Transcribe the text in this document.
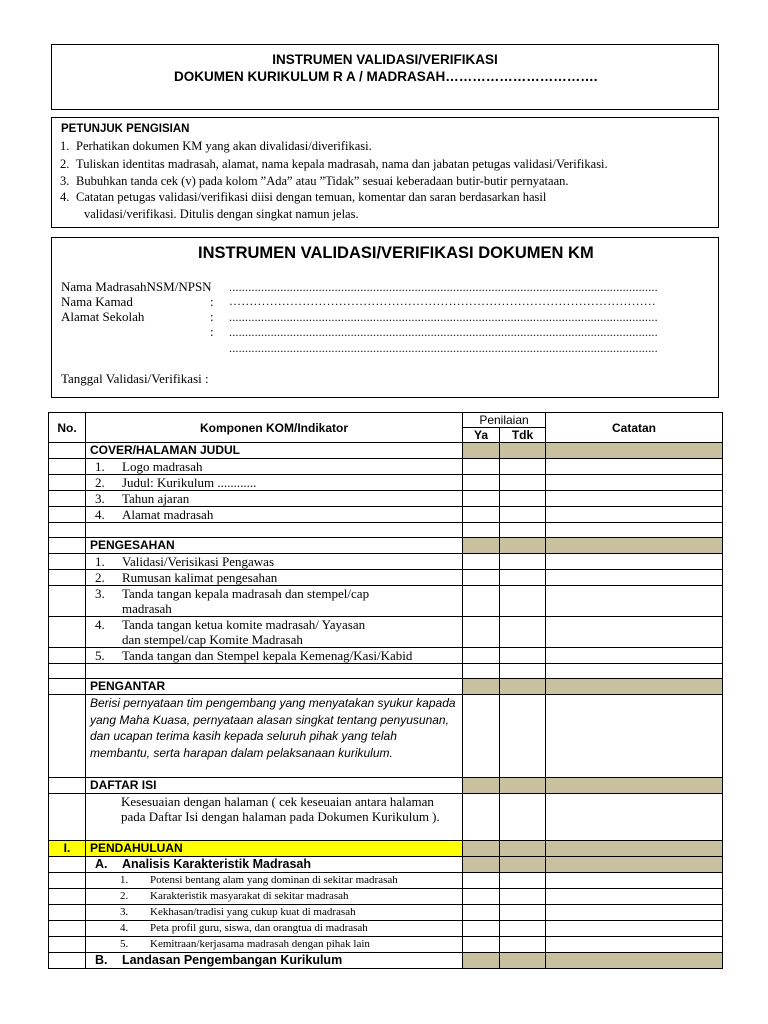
INSTRUMEN VALIDASI/VERIFIKASI
DOKUMEN KURIKULUM R A / MADRASAH…………………………….
PETUNJUK PENGISIAN
1. Perhatikan dokumen KM yang akan divalidasi/diverifikasi.
2. Tuliskan identitas madrasah, alamat, nama kepala madrasah, nama dan jabatan petugas validasi/Verifikasi.
3. Bubuhkan tanda cek (v) pada kolom ”Ada” atau ”Tidak” sesuai keberadaan butir-butir pernyataan.
4. Catatan petugas validasi/verifikasi diisi dengan temuan, komentar dan saran berdasarkan hasil
validasi/verifikasi. Ditulis dengan singkat namun jelas.
INSTRUMEN VALIDASI/VERIFIKASI DOKUMEN KM
Nama MadrasahNSM/NPSN ......................................................................................................................................
Nama Kamad	: ……………………………………………………………………………………………
Alamat Sekolah	: ......................................................................................................................................
: ......................................................................................................................................
......................................................................................................................................
Tanggal Validasi/Verifikasi :
No.	Komponen KOM/Indikator	Penilaian		Catatan
		Ya	Tdk	
	COVER/HALAMAN JUDUL			
	1. Logo madrasah			
	2. Judul: Kurikulum ............			
	3. Tahun ajaran			
	4. Alamat madrasah			

	PENGESAHAN			
	1. Validasi/Verisikasi Pengawas			
	2. Rumusan kalimat pengesahan			
	3. Tanda tangan kepala madrasah dan stempel/cap
madrasah			
	4. Tanda tangan ketua komite madrasah/ Yayasan
dan stempel/cap Komite Madrasah			
	5. Tanda tangan dan Stempel kepala Kemenag/Kasi/Kabid			

	PENGANTAR			
	Berisi pernyataan tim pengembang yang menyatakan syukur kapada yang Maha Kuasa, pernyataan alasan singkat tentang penyusunan, dan ucapan terima kasih kepada seluruh pihak yang telah membantu, serta harapan dalam pelaksanaan kurikulum.			
	DAFTAR ISI			
	Kesesuaian dengan halaman ( cek keseuaian antara halaman pada Daftar Isi dengan halaman pada Dokumen Kurikulum ).			
I.	PENDAHULUAN			
	A. Analisis Karakteristik Madrasah			
	1. Potensi bentang alam yang dominan di sekitar madrasah			
	2. Karakteristik masyarakat di sekitar madrasah			
	3. Kekhasan/tradisi yang cukup kuat di madrasah			
	4. Peta profil guru, siswa, dan orangtua di madrasah			
	5. Kemitraan/kerjasama madrasah dengan pihak lain			
	B. Landasan Pengembangan Kurikulum			
